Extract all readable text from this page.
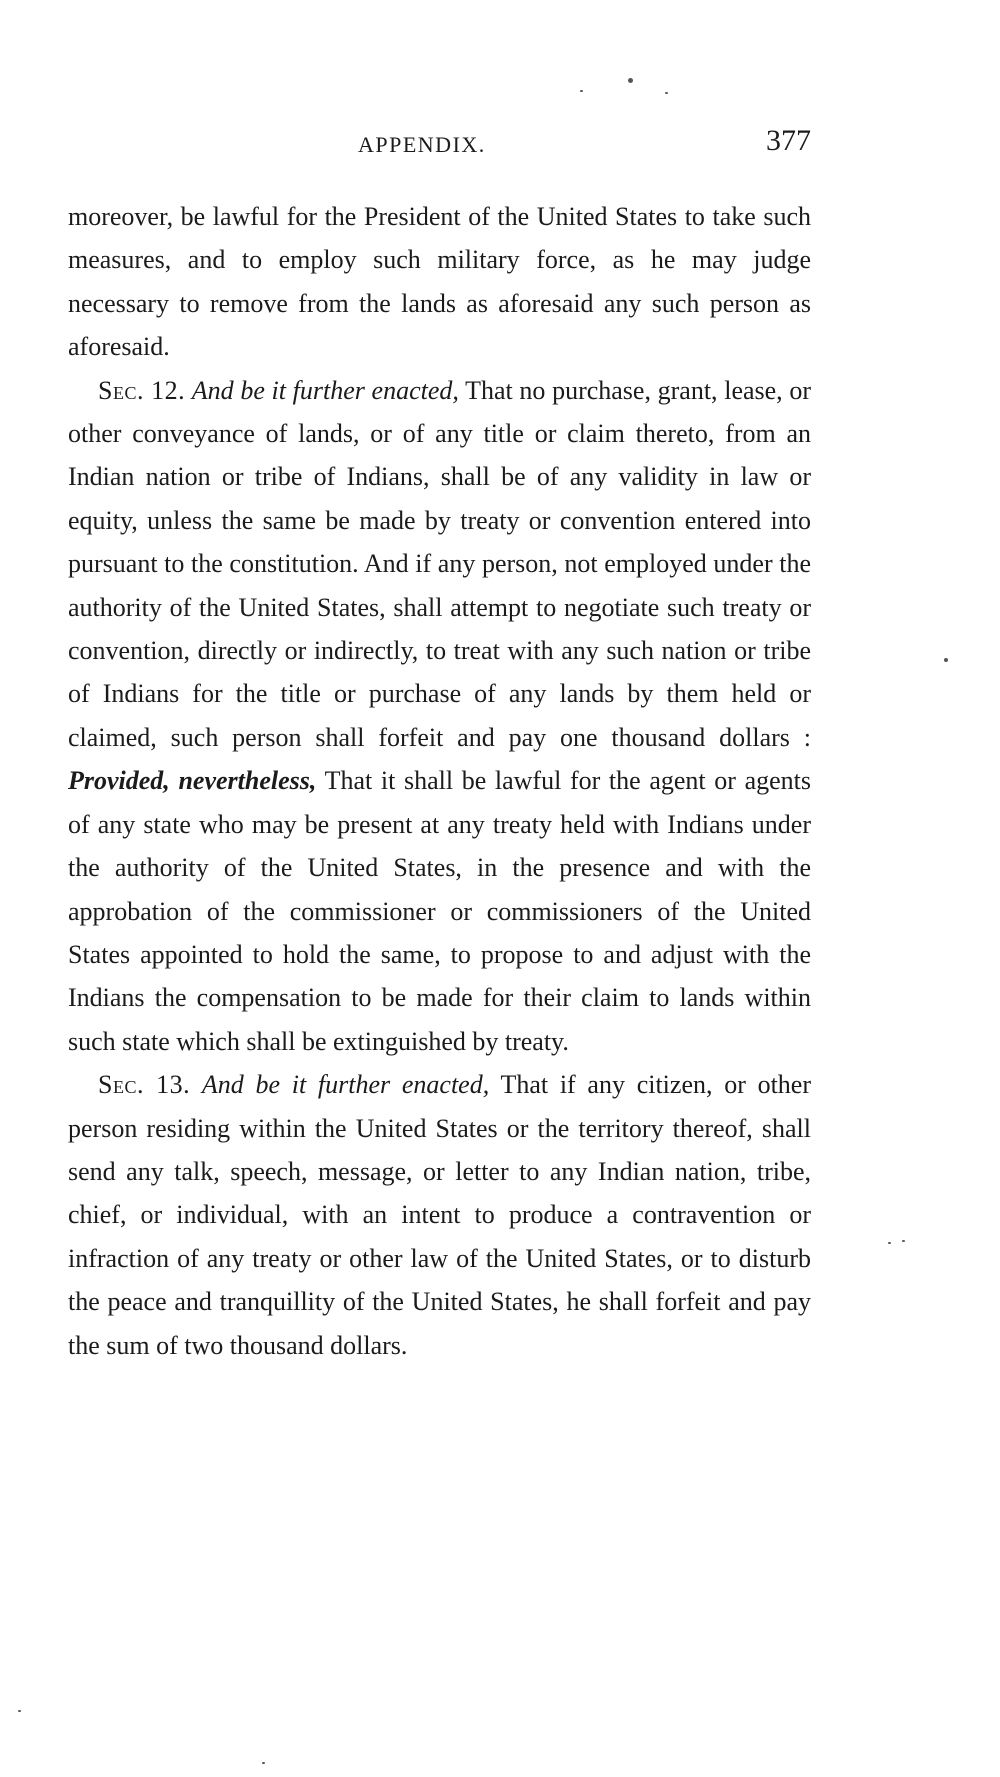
APPENDIX.	377

moreover, be lawful for the President of the United States to take such measures, and to employ such military force, as he may judge necessary to remove from the lands as aforesaid any such person as aforesaid.

Sec. 12. And be it further enacted, That no purchase, grant, lease, or other conveyance of lands, or of any title or claim thereto, from an Indian nation or tribe of Indians, shall be of any validity in law or equity, unless the same be made by treaty or convention entered into pursuant to the constitution. And if any person, not employed under the authority of the United States, shall attempt to negotiate such treaty or convention, directly or indirectly, to treat with any such nation or tribe of Indians for the title or purchase of any lands by them held or claimed, such person shall forfeit and pay one thousand dollars : Provided, nevertheless, That it shall be lawful for the agent or agents of any state who may be present at any treaty held with Indians under the authority of the United States, in the presence and with the approbation of the commissioner or commissioners of the United States appointed to hold the same, to propose to and adjust with the Indians the compensation to be made for their claim to lands within such state which shall be extinguished by treaty.

Sec. 13. And be it further enacted, That if any citizen, or other person residing within the United States or the territory thereof, shall send any talk, speech, message, or letter to any Indian nation, tribe, chief, or individual, with an intent to produce a contravention or infraction of any treaty or other law of the United States, or to disturb the peace and tranquillity of the United States, he shall forfeit and pay the sum of two thousand dollars.
